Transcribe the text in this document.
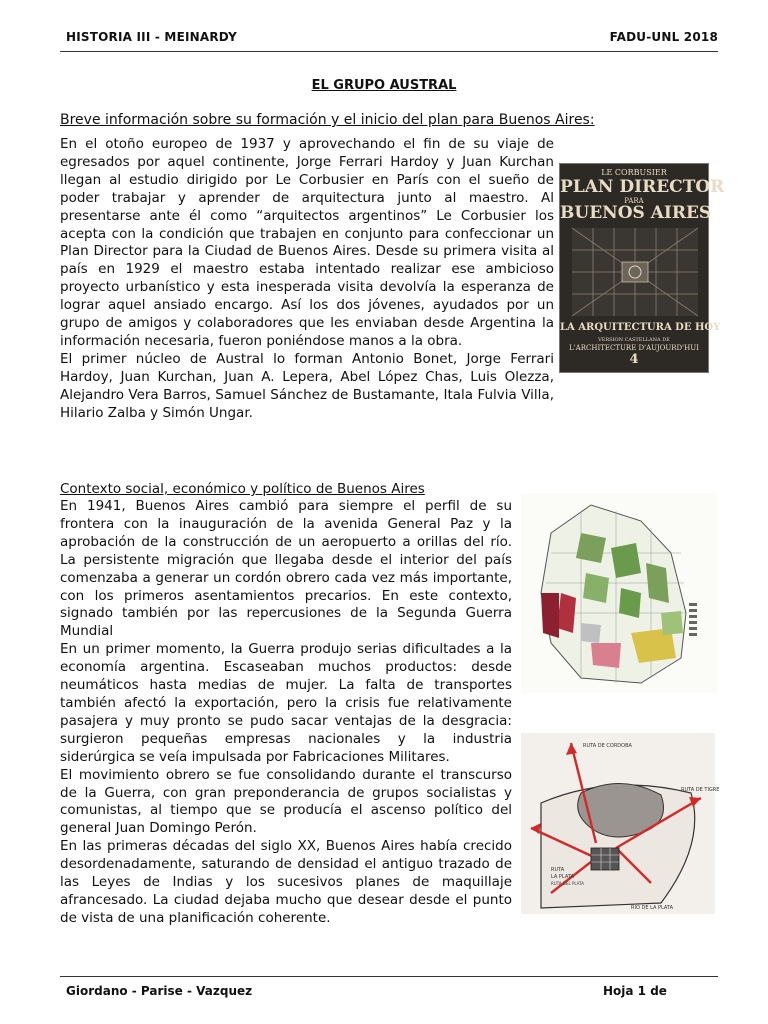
HISTORIA III - MEINARDY	FADU-UNL 2018
EL GRUPO AUSTRAL
Breve información sobre su formación y el inicio del plan para Buenos Aires:

En el otoño europeo de 1937 y aprovechando el fin de su viaje de egresados por aquel continente, Jorge Ferrari Hardoy y Juan Kurchan llegan al estudio dirigido por Le Corbusier en París con el sueño de poder trabajar y aprender de arquitectura junto al maestro. Al presentarse ante él como “arquitectos argentinos” Le Corbusier los acepta con la condición que trabajen en conjunto para confeccionar un Plan Director para la Ciudad de Buenos Aires. Desde su primera visita al país en 1929 el maestro estaba intentado realizar ese ambicioso proyecto urbanístico y esta inesperada visita devolvía la esperanza de lograr aquel ansiado encargo. Así los dos jóvenes, ayudados por un grupo de amigos y colaboradores que les enviaban desde Argentina la información necesaria, fueron poniéndose manos a la obra.

El primer núcleo de Austral lo forman Antonio Bonet, Jorge Ferrari Hardoy, Juan Kurchan, Juan A. Lepera, Abel López Chas, Luis Olezza, Alejandro Vera Barros, Samuel Sánchez de Bustamante, Itala Fulvia Villa, Hilario Zalba y Simón Ungar.

LE CORBUSIER
PLAN DIRECTOR
PARA
BUENOS AIRES
LA ARQUITECTURA DE HOY
VERSION CASTELLANA DE
L'ARCHITECTURE D'AUJOURD'HUI
4
Contexto social, económico y político de Buenos Aires

En 1941, Buenos Aires cambió para siempre el perfil de su frontera con la inauguración de la avenida General Paz y la aprobación de la construcción de un aeropuerto a orillas del río. La persistente migración que llegaba desde el interior del país comenzaba a generar un cordón obrero cada vez más importante, con los primeros asentamientos precarios. En este contexto, signado también por las repercusiones de la Segunda Guerra Mundial

En un primer momento, la Guerra produjo serias dificultades a la economía argentina. Escaseaban muchos productos: desde neumáticos hasta medias de mujer. La falta de transportes también afectó la exportación, pero la crisis fue relativamente pasajera y muy pronto se pudo sacar ventajas de la desgracia: surgieron pequeñas empresas nacionales y la industria siderúrgica se veía impulsada por Fabricaciones Militares.

El movimiento obrero se fue consolidando durante el transcurso de la Guerra, con gran preponderancia de grupos socialistas y comunistas, al tiempo que se producía el ascenso político del general Juan Domingo Perón.

En las primeras décadas del siglo XX, Buenos Aires había crecido desordenadamente, saturando de densidad el antiguo trazado de las Leyes de Indias y los sucesivos planes de maquillaje afrancesado. La ciudad dejaba mucho que desear desde el punto de vista de una planificación coherente.

RUTA DE CORDOBA
RUTA DE TIGRE
RUTA
LA PLATA
RUTA DEL PLATA
RIO DE LA PLATA
Giordano - Parise - Vazquez	Hoja 1 de
